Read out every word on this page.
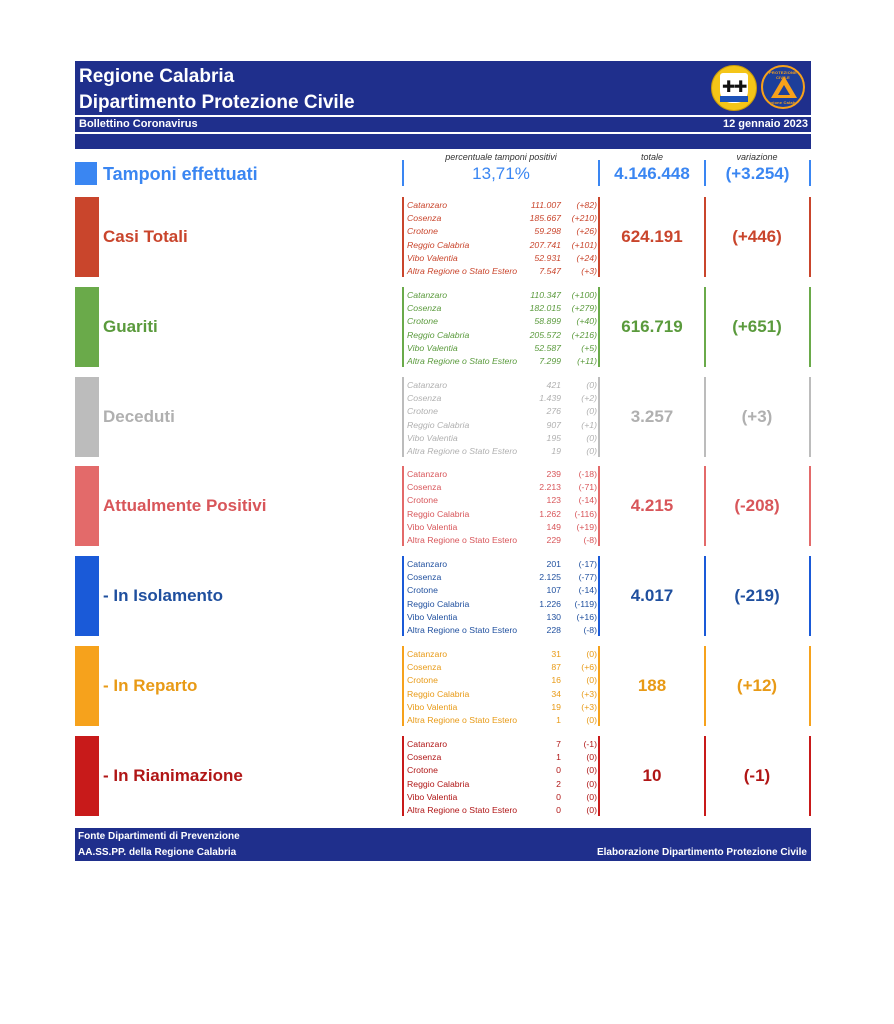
Regione Calabria
Dipartimento Protezione Civile
✚
✚
PROTEZIONE CIVILE
Regione Calabria
Bollettino Coronavirus	12 gennaio 2023
percentuale tamponi positivi	totale	variazione
Tamponi effettuati	13,71%	4.146.448	(+3.254)
Casi Totali
Catanzaro	111.007 (+82)
Cosenza	185.667 (+210)
Crotone	59.298 (+26)
Reggio Calabria	207.741 (+101)
Vibo Valentia	52.931 (+24)
Altra Regione o Stato Estero	7.547 (+3)
624.191	(+446)
Guariti
Catanzaro	110.347 (+100)
Cosenza	182.015 (+279)
Crotone	58.899 (+40)
Reggio Calabria	205.572 (+216)
Vibo Valentia	52.587 (+5)
Altra Regione o Stato Estero	7.299 (+11)
616.719	(+651)
Deceduti
Catanzaro	421	(0)
Cosenza	1.439 (+2)
Crotone	276	(0)
Reggio Calabria	907 (+1)
Vibo Valentia	195	(0)
Altra Regione o Stato Estero	19	(0)
3.257	(+3)
Attualmente Positivi
Catanzaro	239 (-18)
Cosenza	2.213 (-71)
Crotone	123 (-14)
Reggio Calabria	1.262 (-116)
Vibo Valentia	149 (+19)
Altra Regione o Stato Estero	229	(-8)
4.215	(-208)
- In Isolamento
Catanzaro	201 (-17)
Cosenza	2.125 (-77)
Crotone	107 (-14)
Reggio Calabria	1.226 (-119)
Vibo Valentia	130 (+16)
Altra Regione o Stato Estero	228	(-8)
4.017	(-219)
- In Reparto
Catanzaro	31	(0)
Cosenza	87 (+6)
Crotone	16	(0)
Reggio Calabria	34 (+3)
Vibo Valentia	19 (+3)
Altra Regione o Stato Estero	1	(0)
188	(+12)
- In Rianimazione
Catanzaro	7	(-1)
Cosenza	1	(0)
Crotone	0	(0)
Reggio Calabria	2	(0)
Vibo Valentia	0	(0)
Altra Regione o Stato Estero	0	(0)
10	(-1)
Fonte Dipartimenti di Prevenzione
AA.SS.PP. della Regione Calabria	Elaborazione Dipartimento Protezione Civile
